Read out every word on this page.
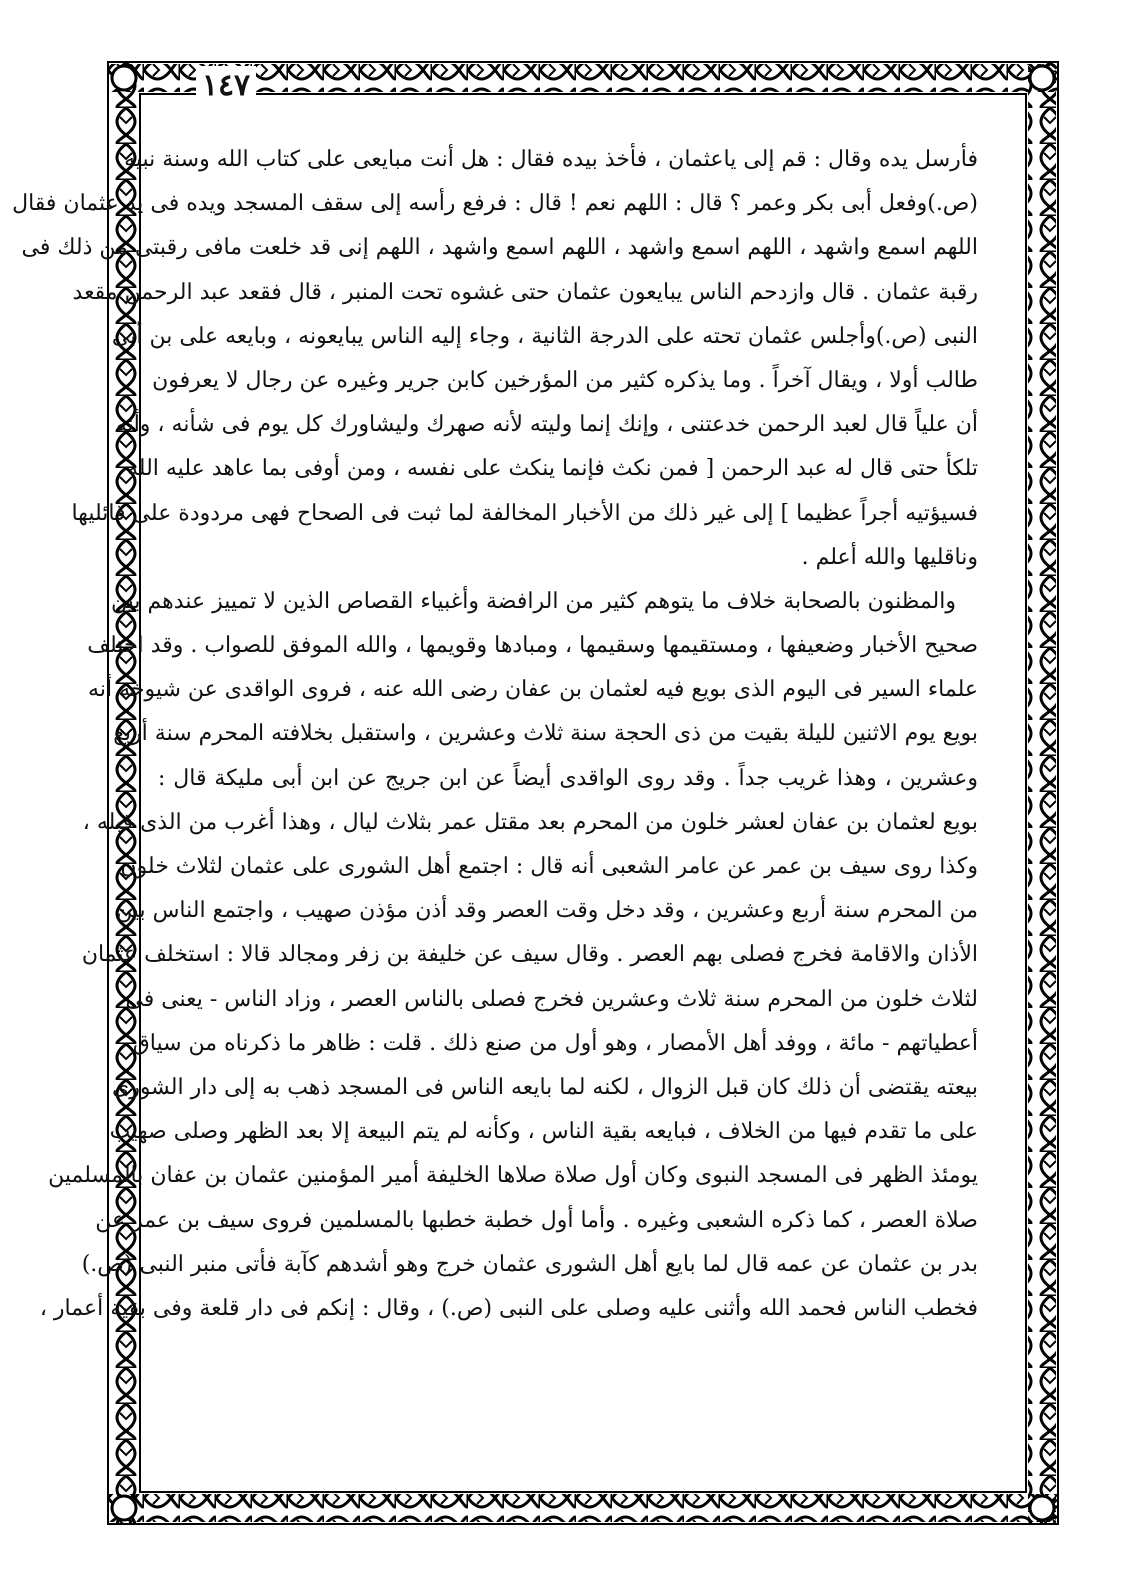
١٤٧
فأرسل يده وقال : قم إلى ياعثمان ، فأخذ بيده فقال : هل أنت مبايعى على كتاب الله وسنة نبيه
(ص.)وفعل أبى بكر وعمر ؟ قال : اللهم نعم ! قال : فرفع رأسه إلى سقف المسجد ويده فى يد عثمان فقال
اللهم اسمع واشهد ، اللهم اسمع واشهد ، اللهم اسمع واشهد ، اللهم إنى قد خلعت مافى رقبتى من ذلك فى
رقبة عثمان . قال وازدحم الناس يبايعون عثمان حتى غشوه تحت المنبر ، قال فقعد عبد الرحمن مقعد
النبى (ص.)وأجلس عثمان تحته على الدرجة الثانية ، وجاء إليه الناس يبايعونه ، وبايعه على بن أبى
طالب أولا ، ويقال آخراً . وما يذكره كثير من المؤرخين كابن جرير وغيره عن رجال لا يعرفون
أن علياً قال لعبد الرحمن خدعتنى ، وإنك إنما وليته لأنه صهرك وليشاورك كل يوم فى شأنه ، وأنه
تلكأ حتى قال له عبد الرحمن [ فمن نكث فإنما ينكث على نفسه ، ومن أوفى بما عاهد عليه الله
فسيؤتيه أجراً عظيما ] إلى غير ذلك من الأخبار المخالفة لما ثبت فى الصحاح فهى مردودة على قائليها
وناقليها والله أعلم .
والمظنون بالصحابة خلاف ما يتوهم كثير من الرافضة وأغبياء القصاص الذين لا تمييز عندهم بين
صحيح الأخبار وضعيفها ، ومستقيمها وسقيمها ، ومبادها وقويمها ، والله الموفق للصواب . وقد اختلف
علماء السير فى اليوم الذى بويع فيه لعثمان بن عفان رضى الله عنه ، فروى الواقدى عن شيوخه أنه
بويع يوم الاثنين لليلة بقيت من ذى الحجة سنة ثلاث وعشرين ، واستقبل بخلافته المحرم سنة أربع
وعشرين ، وهذا غريب جداً . وقد روى الواقدى أيضاً عن ابن جريج عن ابن أبى مليكة قال :
بويع لعثمان بن عفان لعشر خلون من المحرم بعد مقتل عمر بثلاث ليال ، وهذا أغرب من الذى قبله ،
وكذا روى سيف بن عمر عن عامر الشعبى أنه قال : اجتمع أهل الشورى على عثمان لثلاث خلون
من المحرم سنة أربع وعشرين ، وقد دخل وقت العصر وقد أذن مؤذن صهيب ، واجتمع الناس بين
الأذان والاقامة فخرج فصلى بهم العصر . وقال سيف عن خليفة بن زفر ومجالد قالا : استخلف عثمان
لثلاث خلون من المحرم سنة ثلاث وعشرين فخرج فصلى بالناس العصر ، وزاد الناس - يعنى فى
أعطياتهم - مائة ، ووفد أهل الأمصار ، وهو أول من صنع ذلك . قلت : ظاهر ما ذكرناه من سياق
بيعته يقتضى أن ذلك كان قبل الزوال ، لكنه لما بايعه الناس فى المسجد ذهب به إلى دار الشورى
على ما تقدم فيها من الخلاف ، فبايعه بقية الناس ، وكأنه لم يتم البيعة إلا بعد الظهر وصلى صهيب
يومئذ الظهر فى المسجد النبوى وكان أول صلاة صلاها الخليفة أمير المؤمنين عثمان بن عفان بالمسلمين
صلاة العصر ، كما ذكره الشعبى وغيره . وأما أول خطبة خطبها بالمسلمين فروى سيف بن عمر عن
بدر بن عثمان عن عمه قال لما بايع أهل الشورى عثمان خرج وهو أشدهم كآبة فأتى منبر النبى (ص.)
فخطب الناس فحمد الله وأثنى عليه وصلى على النبى (ص.) ، وقال : إنكم فى دار قلعة وفى بقية أعمار ،
